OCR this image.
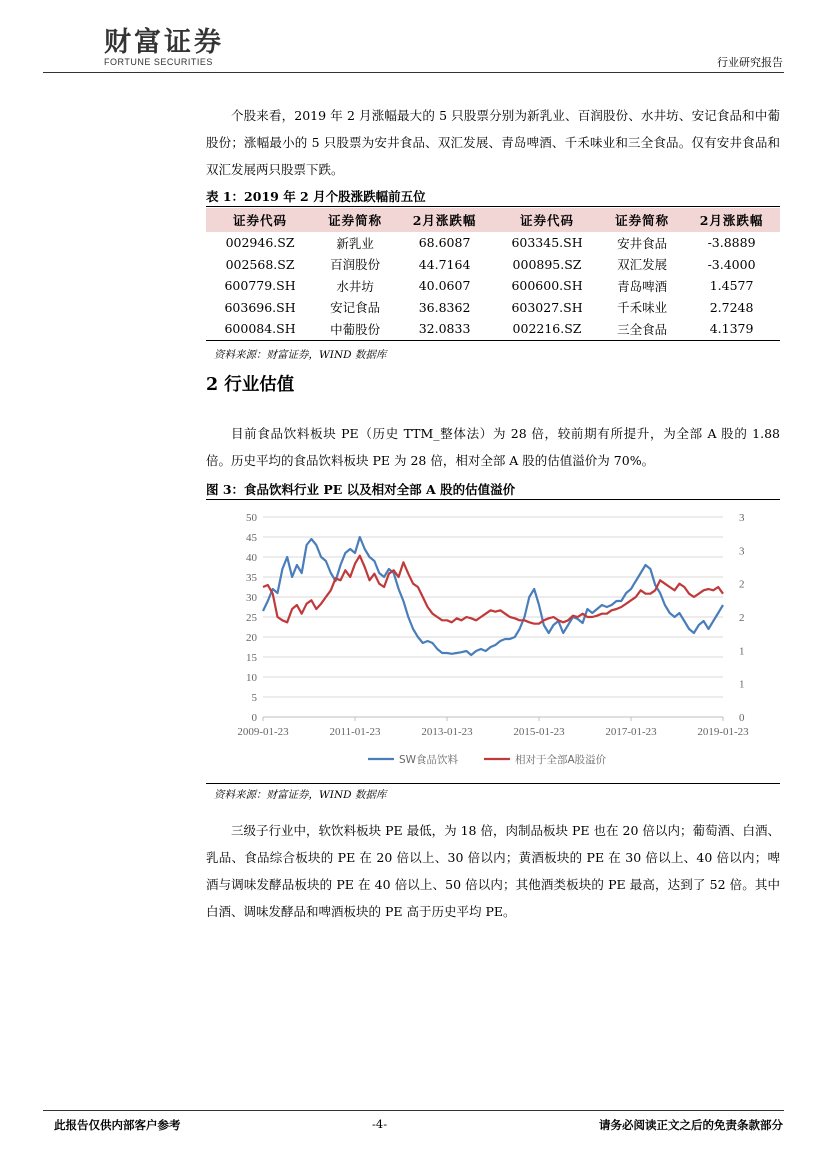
财富证券
FORTUNE SECURITIES	行业研究报告
个股来看，2019 年 2 月涨幅最大的 5 只股票分别为新乳业、百润股份、水井坊、安记食品和中葡股份；涨幅最小的 5 只股票为安井食品、双汇发展、青岛啤酒、千禾味业和三全食品。仅有安井食品和双汇发展两只股票下跌。
表 1：2019 年 2 月个股涨跌幅前五位
证券代码	证券简称	2月涨跌幅	证券代码	证券简称	2月涨跌幅
002946.SZ	新乳业	68.6087	603345.SH	安井食品	-3.8889
002568.SZ	百润股份	44.7164	000895.SZ	双汇发展	-3.4000
600779.SH	水井坊	40.0607	600600.SH	青岛啤酒	1.4577
603696.SH	安记食品	36.8362	603027.SH	千禾味业	2.7248
600084.SH	中葡股份	32.0833	002216.SZ	三全食品	4.1379
资料来源：财富证券，WIND 数据库
2 行业估值
目前食品饮料板块 PE（历史 TTM_整体法）为 28 倍，较前期有所提升，为全部 A 股的 1.88 倍。历史平均的食品饮料板块 PE 为 28 倍，相对全部 A 股的估值溢价为 70%。
图 3：食品饮料行业 PE 以及相对全部 A 股的估值溢价
0
5
10
15
20
25
30
35
40
45
50
0
1
1
2
2
3
3
2009-01-23	2011-01-23	2013-01-23	2015-01-23	2017-01-23	2019-01-23
SW食品饮料	相对于全部A股溢价
资料来源：财富证券，WIND 数据库
三级子行业中，软饮料板块 PE 最低，为 18 倍，肉制品板块 PE 也在 20 倍以内；葡萄酒、白酒、乳品、食品综合板块的 PE 在 20 倍以上、30 倍以内；黄酒板块的 PE 在 30 倍以上、40 倍以内；啤酒与调味发酵品板块的 PE 在 40 倍以上、50 倍以内；其他酒类板块的 PE 最高，达到了 52 倍。其中白酒、调味发酵品和啤酒板块的 PE 高于历史平均 PE。
此报告仅供内部客户参考	-4-	请务必阅读正文之后的免责条款部分
